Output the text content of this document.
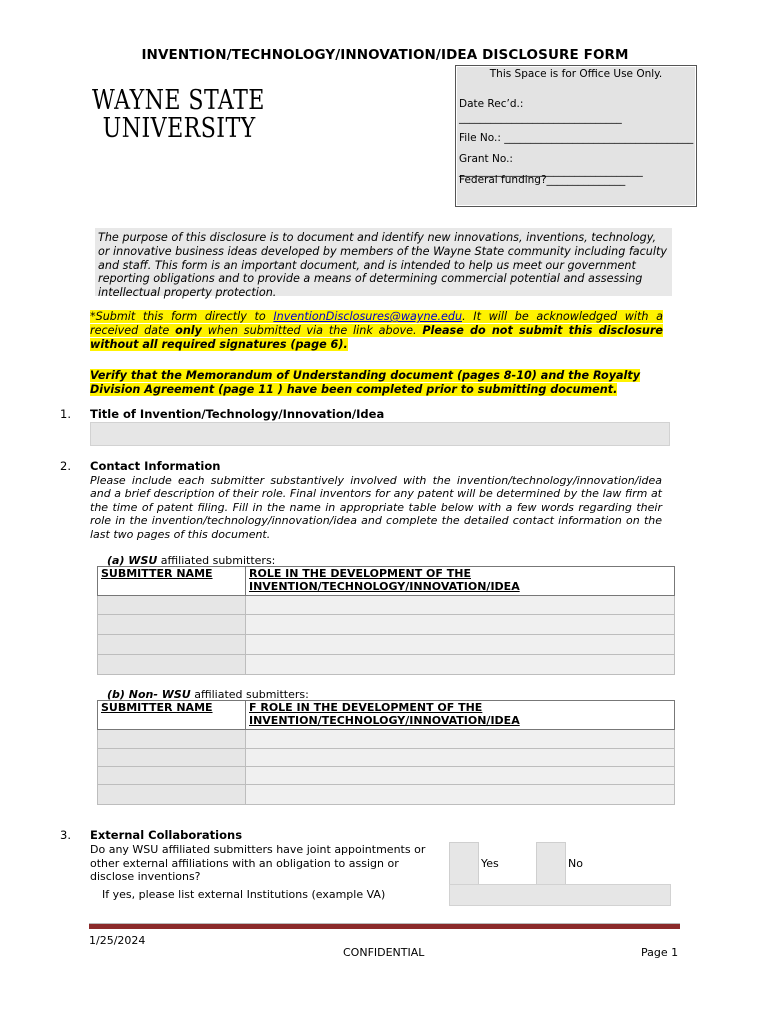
INVENTION/TECHNOLOGY/INNOVATION/IDEA DISCLOSURE FORM
WAYNE STATE
UNIVERSITY
This Space is for Office Use Only.
Date Rec’d.:
_______________________________
File No.: ____________________________________
Grant No.: ___________________________________
Federal funding?_______________

The purpose of this disclosure is to document and identify new innovations, inventions, technology, or innovative business ideas developed by members of the Wayne State community including faculty and staff. This form is an important document, and is intended to help us meet our government reporting obligations and to provide a means of determining commercial potential and assessing intellectual property protection.

*Submit this form directly to InventionDisclosures@wayne.edu. It will be acknowledged with a received date only when submitted via the link above. Please do not submit this disclosure without all required signatures (page 6).
Verify that the Memorandum of Understanding document (pages 8-10) and the Royalty Division Agreement (page 11 ) have been completed prior to submitting document.
1. Title of Invention/Technology/Innovation/Idea
2. Contact Information
Please include each submitter substantively involved with the invention/technology/innovation/idea and a brief description of their role. Final inventors for any patent will be determined by the law firm at the time of patent filing. Fill in the name in appropriate table below with a few words regarding their role in the invention/technology/innovation/idea and complete the detailed contact information on the last two pages of this document.
(a) WSU affiliated submitters:
SUBMITTER NAME	ROLE IN THE DEVELOPMENT OF THE
INVENTION/TECHNOLOGY/INNOVATION/IDEA

(b) Non- WSU affiliated submitters:
SUBMITTER NAME	F ROLE IN THE DEVELOPMENT OF THE
INVENTION/TECHNOLOGY/INNOVATION/IDEA

3. External Collaborations
Do any WSU affiliated submitters have joint appointments or other external affiliations with an obligation to assign or disclose inventions?
Yes	No
If yes, please list external Institutions (example VA)
1/25/2024
CONFIDENTIAL	Page 1
